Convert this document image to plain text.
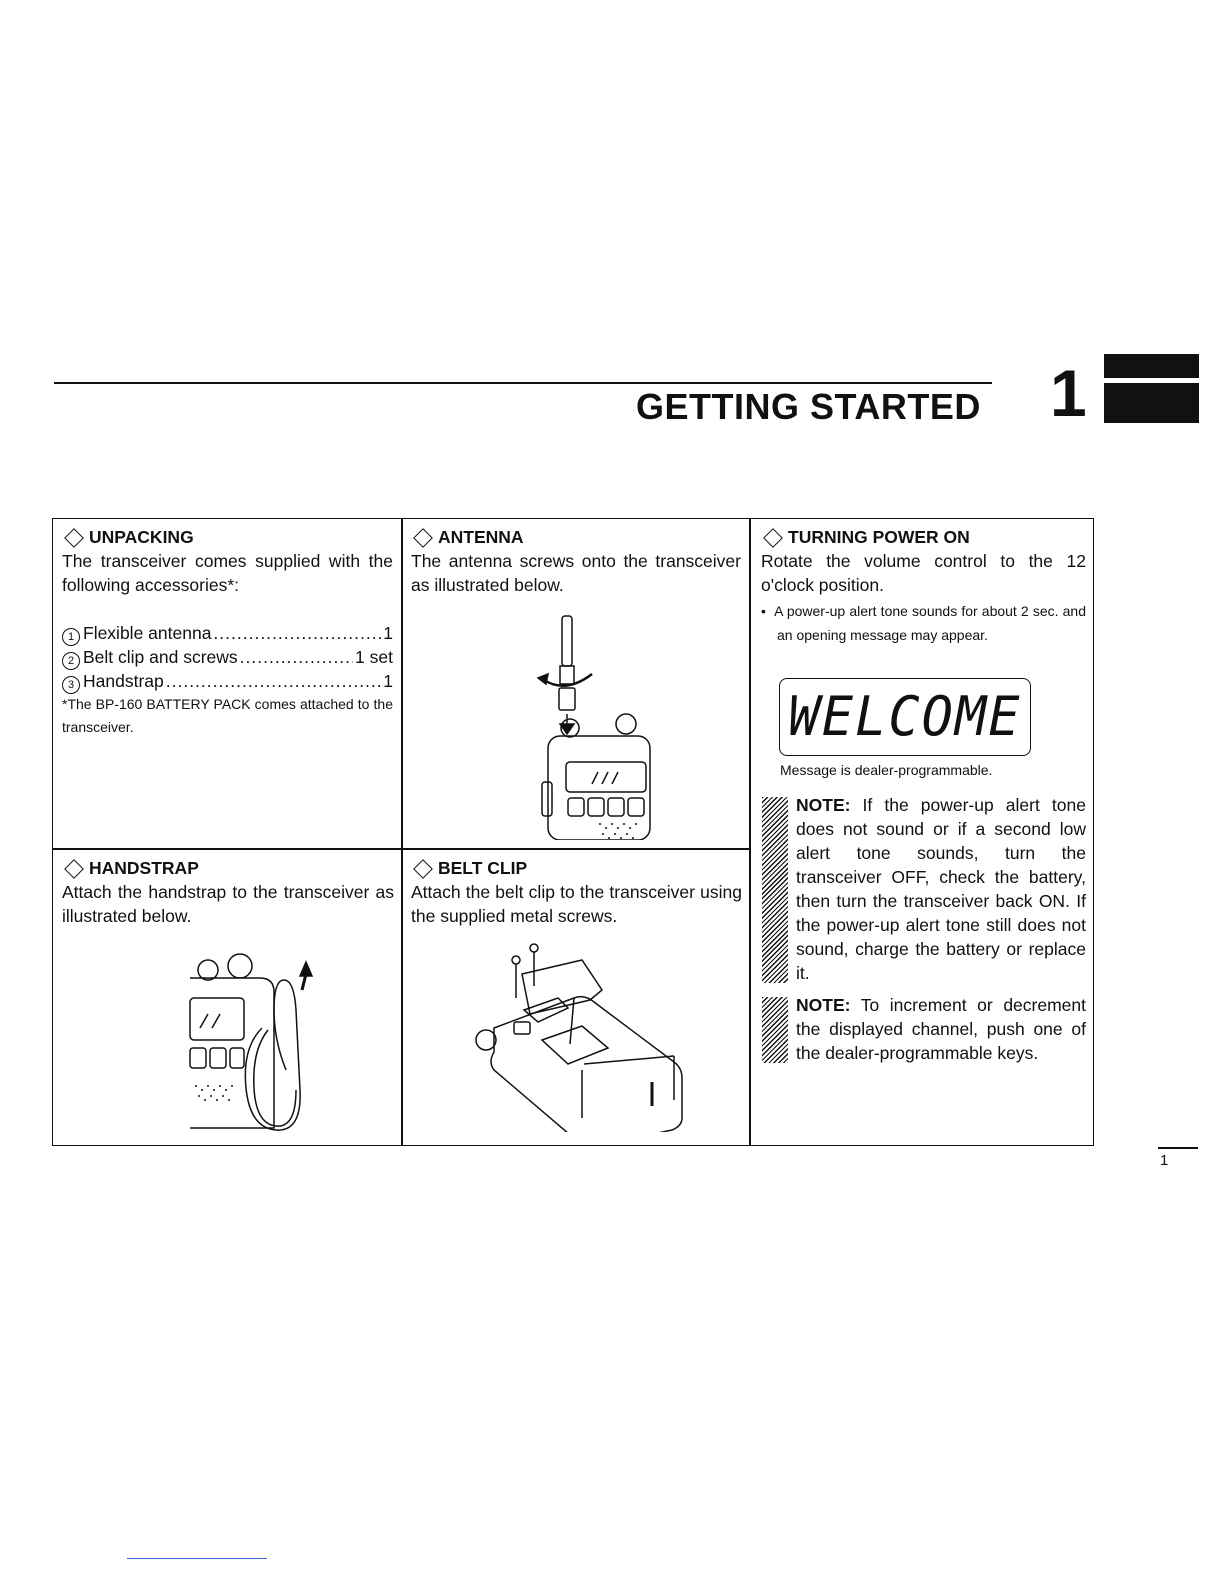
GETTING STARTED 1
UNPACKING
The transceiver comes supplied with the following accessories*:
1 Flexible antenna .....	1
2 Belt clip and screws .....	1 set
3 Handstrap .....	1
*The BP-160 BATTERY PACK comes attached to the transceiver.
ANTENNA
The antenna screws onto the transceiver as illustrated below.
TURNING POWER ON
Rotate the volume control to the 12 o'clock position.
•  A power-up alert tone sounds for about 2 sec. and an opening message may appear.
WELCOME
Message is dealer-programmable.
NOTE: If the power-up alert tone does not sound or if a second low alert tone sounds, turn the transceiver OFF, check the battery, then turn the transceiver back ON. If the power-up alert tone still does not sound, charge the battery or replace it.
NOTE: To increment or decrement the displayed channel, push one of the dealer-programmable keys.
HANDSTRAP
Attach the handstrap to the transceiver as illustrated below.
BELT CLIP
Attach the belt clip to the transceiver using the supplied metal screws.
1
